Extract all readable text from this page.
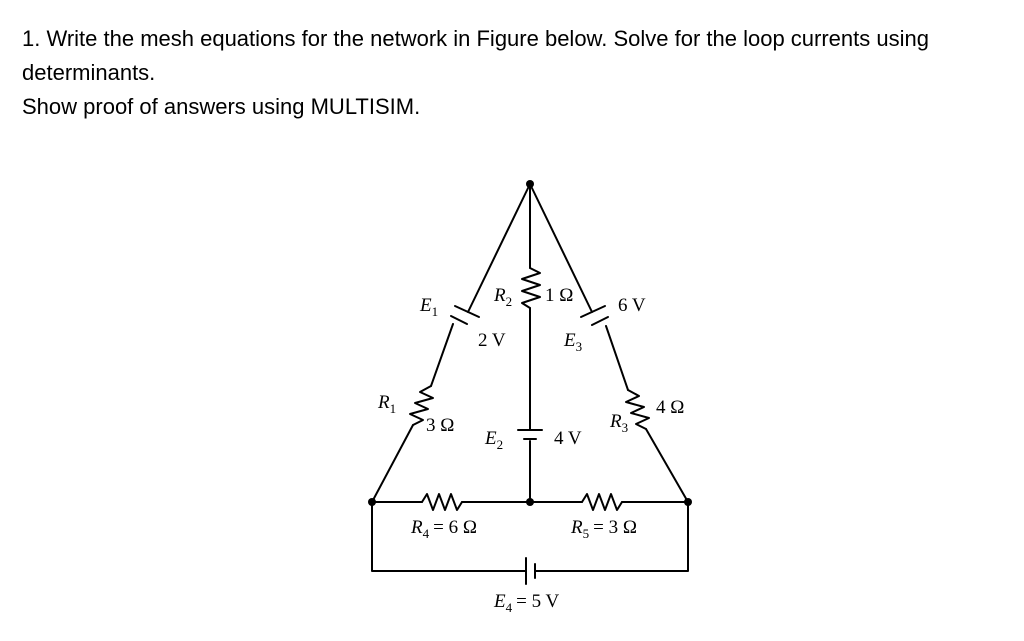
1. Write the mesh equations for the network in Figure below. Solve for the loop currents using determinants.

Show proof of answers using MULTISIM.

$E_1$
2 V
$R_2$ 1 Ω
$E_3$
6 V
$R_1$
3 Ω
$E_2$	4 V
$R_3$
4 Ω
$R_4 = 6$ Ω	$R_5 = 3$ Ω
$E_4 = 5$ V
